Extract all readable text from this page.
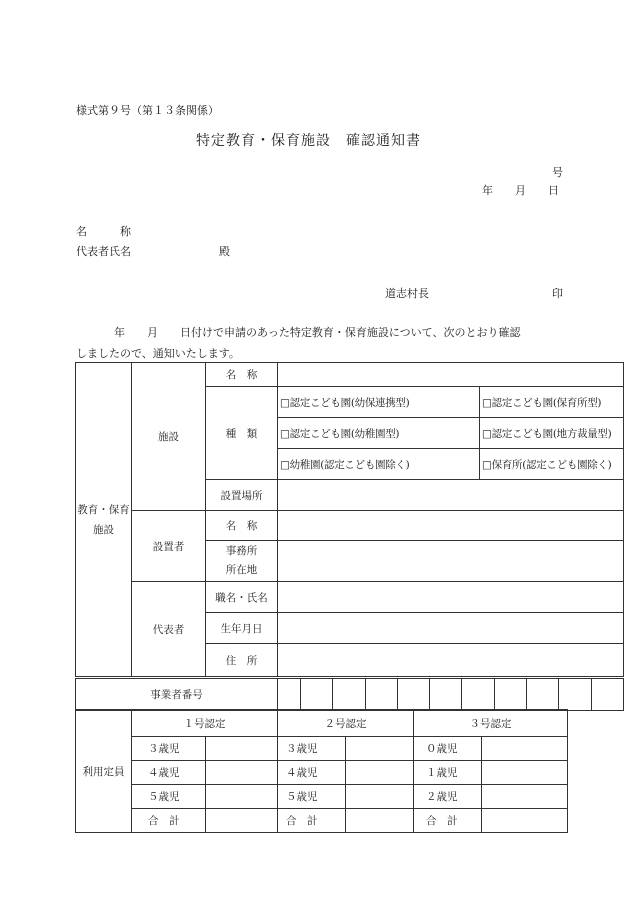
様式第９号（第１３条関係）
特定教育・保育施設　確認通知書
号
年　　月　　日
名　　　称
代表者氏名	殿
道志村長	印

年　　月　　日付けで申請のあった特定教育・保育施設について、次のとおり確認

しましたので、通知いたします。

教育・保育施設	施設	名　称		
		種　類	□認定こども園(幼保連携型)	□認定こども園(保育所型)
			□認定こども園(幼稚園型)	□認定こども園(地方裁量型)
			□幼稚園(認定こども園除く)	□保育所(認定こども園除く)
		設置場所		
	設置者	名　称		
		事務所
所在地		
	代表者	職名・氏名		
		生年月日		
		住　所		
事業者番号	
利用定員	１号認定		２号認定		３号認定	
	３歳児		３歳児		０歳児	
	４歳児		４歳児		１歳児	
	５歳児		５歳児		２歳児	
	合　計		合　計		合　計	
